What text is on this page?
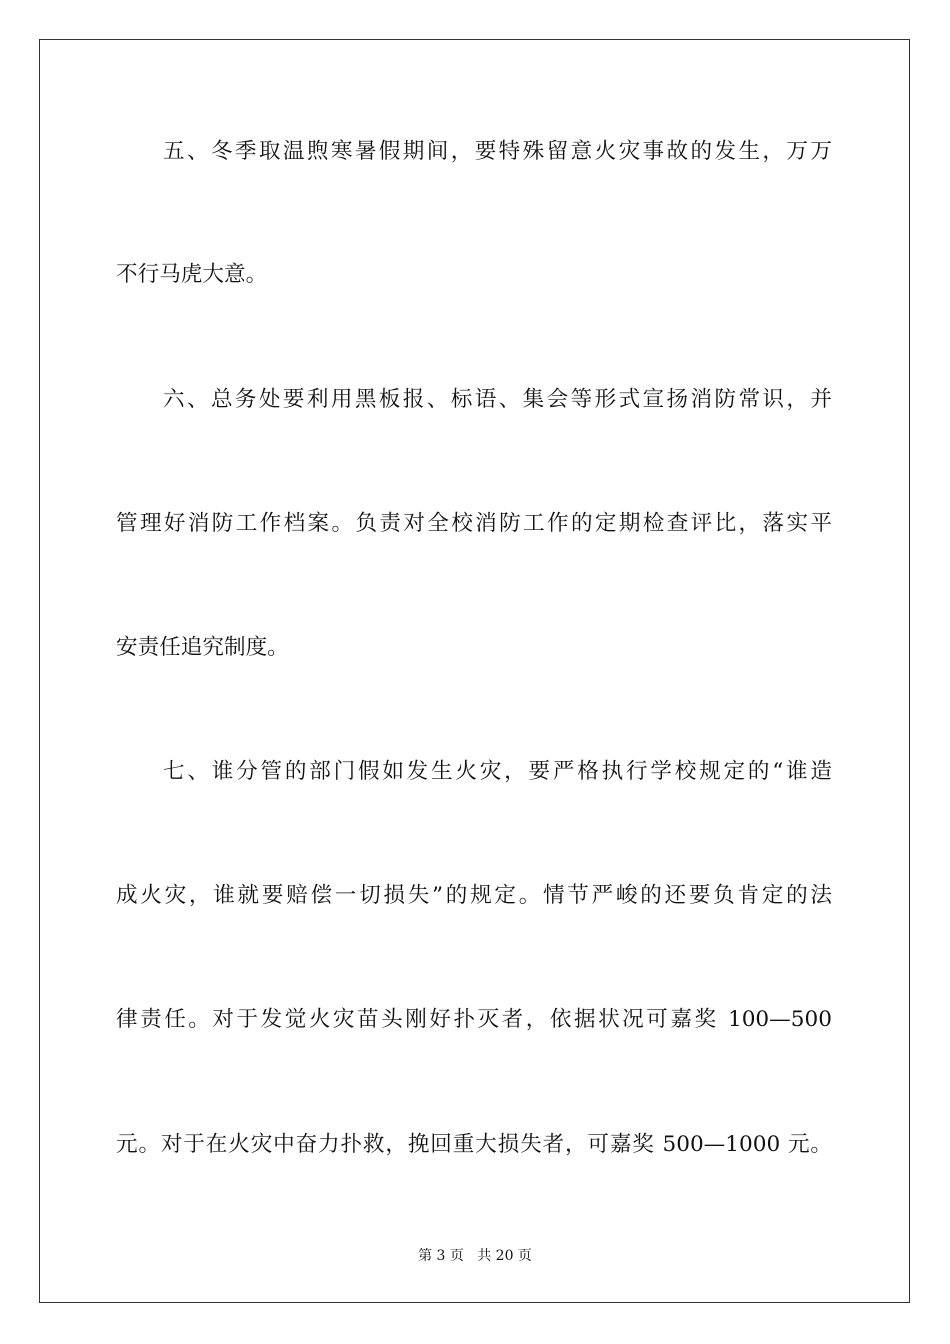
五、冬季取温煦寒暑假期间，要特殊留意火灾事故的发生，万万
不行马虎大意。
六、总务处要利用黑板报、标语、集会等形式宣扬消防常识，并
管理好消防工作档案。负责对全校消防工作的定期检查评比，落实平
安责任追究制度。
七、谁分管的部门假如发生火灾，要严格执行学校规定的“谁造
成火灾，谁就要赔偿一切损失”的规定。情节严峻的还要负肯定的法
律责任。对于发觉火灾苗头刚好扑灭者，依据状况可嘉奖 100—500
元。对于在火灾中奋力扑救，挽回重大损失者，可嘉奖 500—1000 元。
第 3 页   共 20 页
